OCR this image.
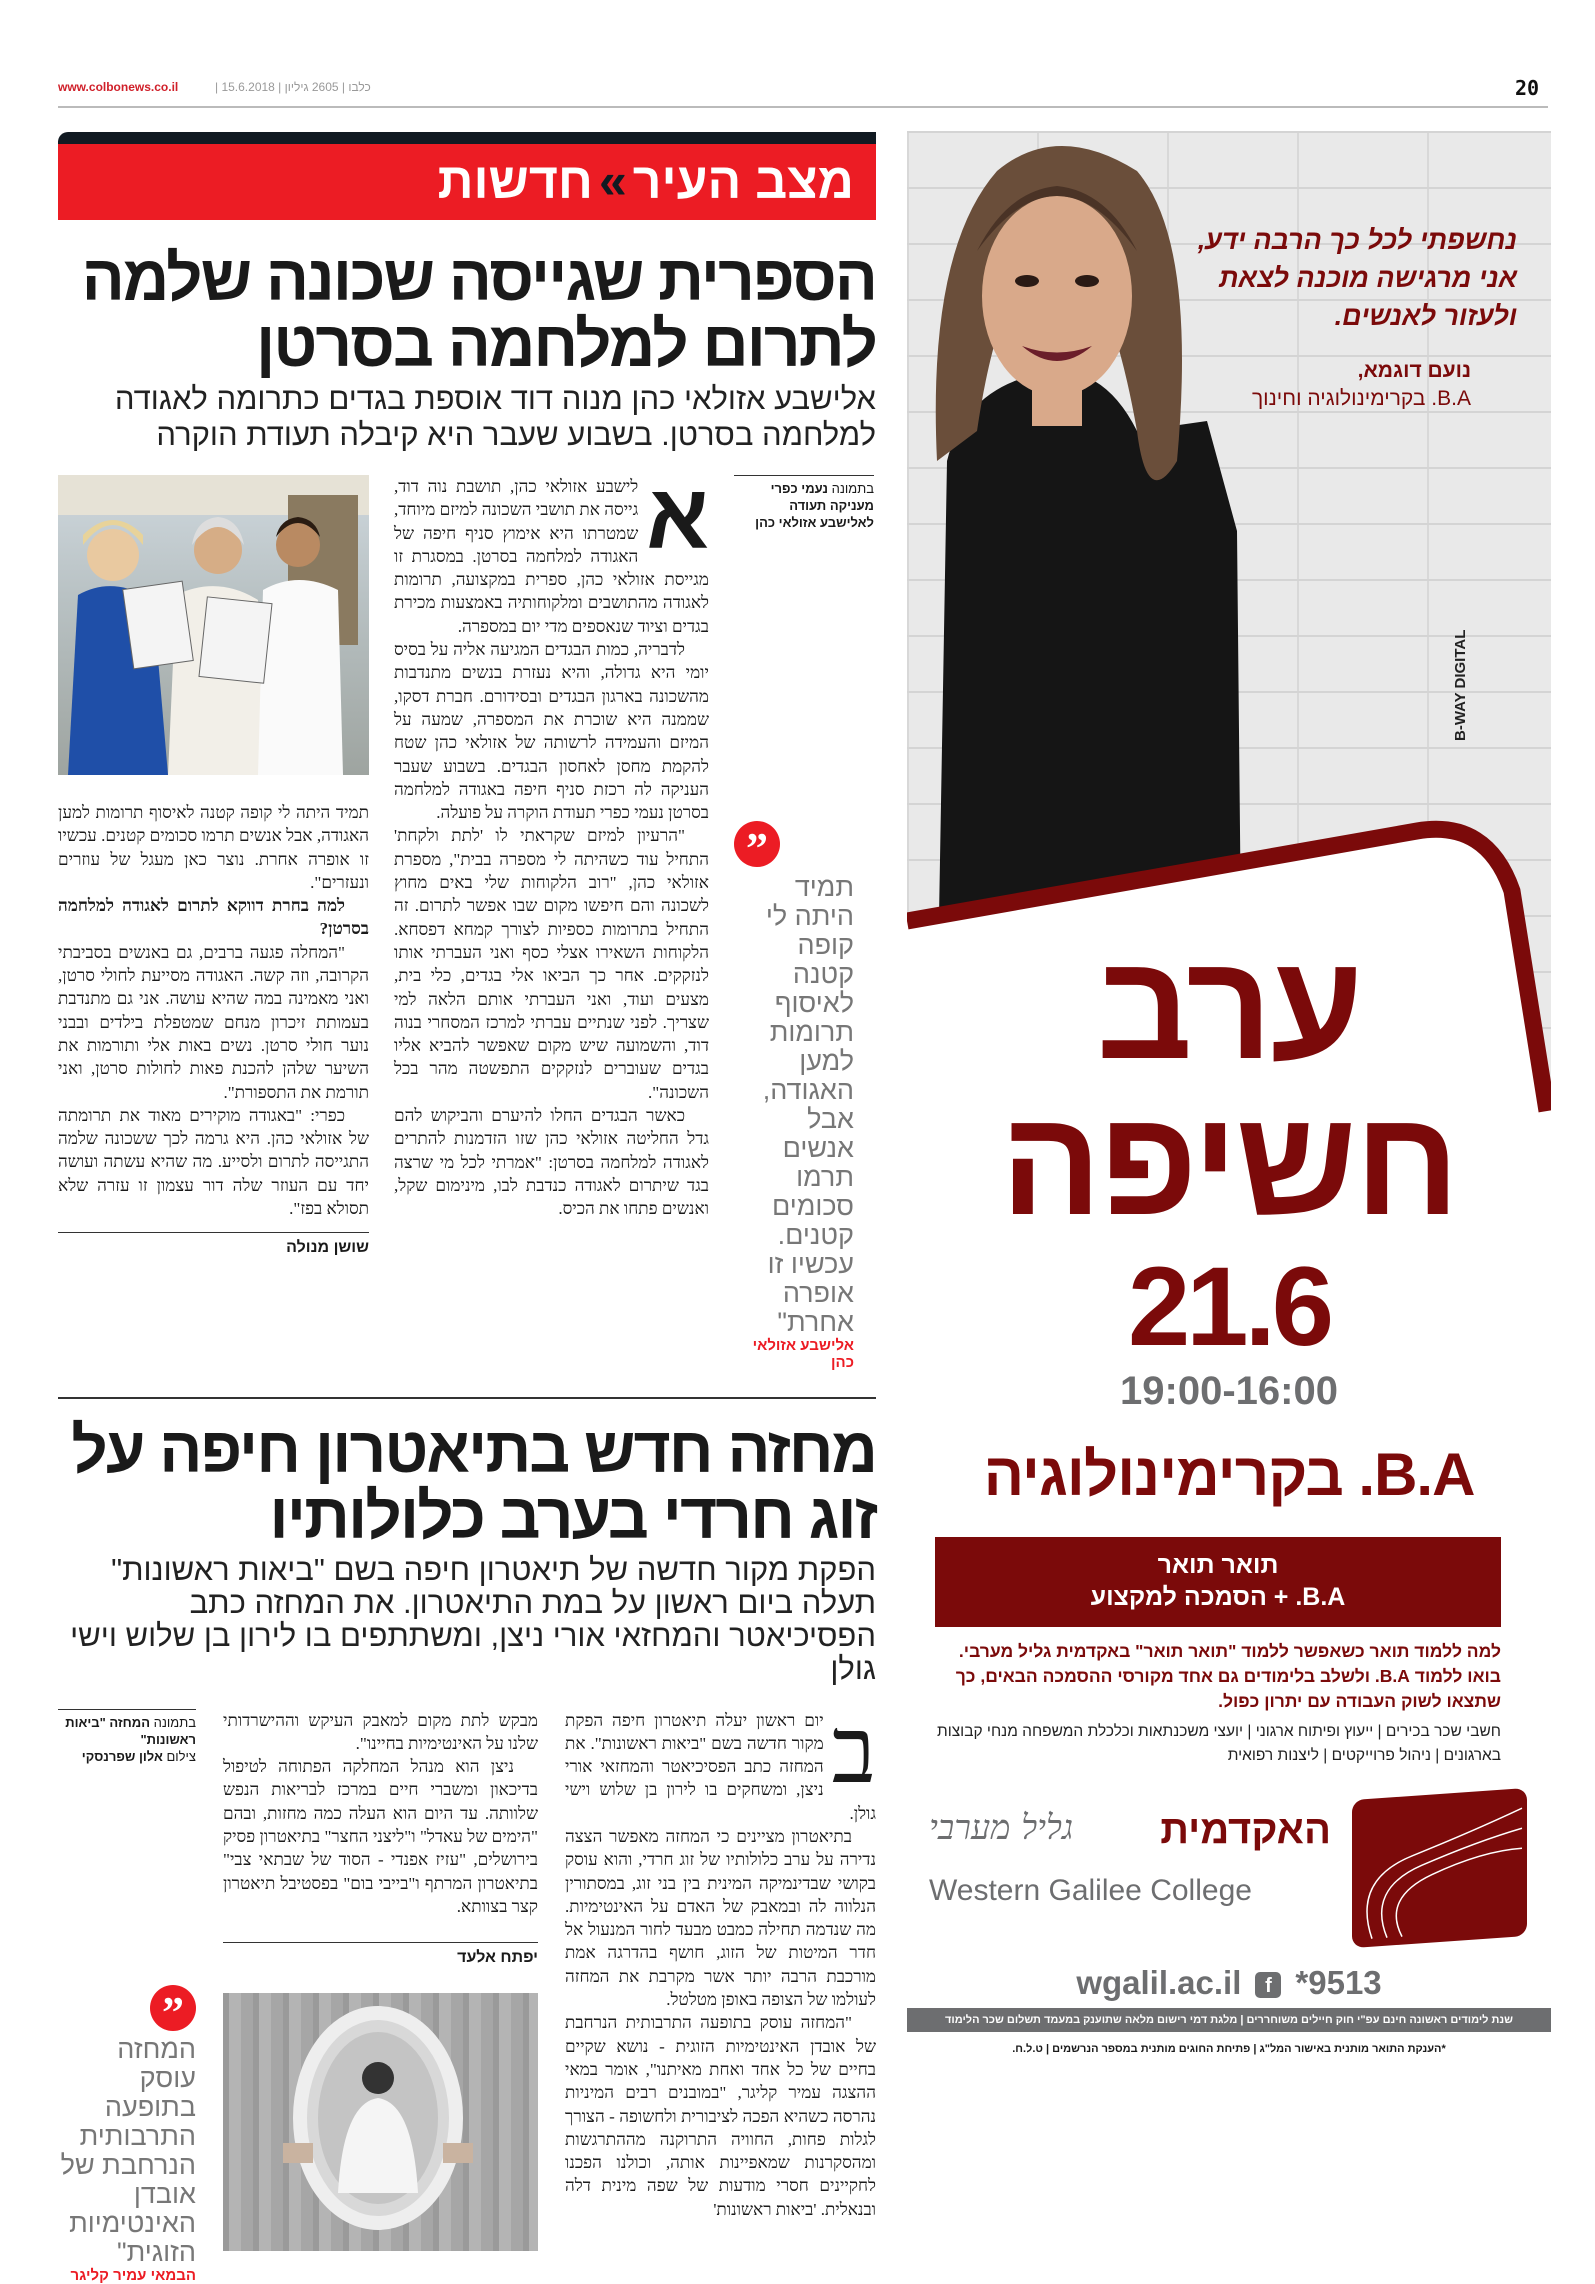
www.colbonews.co.il	| כלבו | 2605 גיליון | 15.6.2018	20
מצב העיר»חדשות
הספרית שגייסה שכונה שלמה לתרום למלחמה בסרטן
אלישבע אזולאי כהן מנוה דוד אוספת בגדים כתרומה לאגודה למלחמה בסרטן. בשבוע שעבר היא קיבלה תעודת הוקרה

תמיד היתה לי קופה קטנה לאיסוף תרומות למען האגודה, אבל אנשים תרמו סכומים קטנים. עכשיו זו אופרה אחרת. נוצר כאן מעגל של עוזרים ונעזרים".

למה בחרת דווקא לתרום לאגודה למלחמה בסרטן?

"המחלה פגעה ברבים, גם באנשים בסביבתי הקרובה, וזה קשה. האגודה מסייעת לחולי סרטן, ואני מאמינה במה שהיא עושה. אני גם מתנדבת בעמותת זיכרון מנחם שמטפלת בילדים ובבני נוער חולי סרטן. נשים באות אלי ותורמות את השיער שלהן להכנת פאות לחולות סרטן, ואני תורמת את התספורת".

כפרי: "באגודה מוקירים מאוד את תרומתה של אזולאי כהן. היא גרמה לכך ששכונה שלמה התגייסה לתרום ולסייע. מה שהיא עשתה ועושה יחד עם העוזר שלה דור עצמון זו עזרה שלא תסולא בפז".

שושן מנולה
א

לישבע אזולאי כהן, תושבת נוה דוד, גייסה את תושבי השכונה למיזם מיוחד, שמטרתו היא אימוץ סניף חיפה של האגודה למלחמה בסרטן. במסגרת זו מגייסת אזולאי כהן, ספרית במקצועה, תרומות לאגודה מהתושבים ומלקוחותיה באמצעות מכירת בגדים וציוד שנאספים מדי יום במספרה.

לדבריה, כמות הבגדים המגיעה אליה על בסיס יומי היא גדולה, והיא נעזרת בנשים מתנדבות מהשכונה בארגון הבגדים ובסידורם. חברת דסקו, שממנה היא שוכרת את המספרה, שמעה על המיזם והעמידה לרשותה של אזולאי כהן שטח להקמת מחסן לאחסון הבגדים. בשבוע שעבר העניקה לה רכזת סניף חיפה באגודה למלחמה בסרטן נעמי כפרי תעודת הוקרה על פועלה.

"הרעיון למיזם שקראתי לו 'לתת ולקחת' התחיל עוד כשהיתה לי מספרה בבית", מספרת אזולאי כהן, "רוב הלקוחות שלי באים מחוץ לשכונה והם חיפשו מקום שבו אפשר לתרום. זה התחיל בתרומות כספיות לצורך קמחא דפסחא. הלקוחות השאירו אצלי כסף ואני העברתי אותו לנזקקים. אחר כך הביאו אלי בגדים, כלי בית, מצעים ועוד, ואני העברתי אותם הלאה למי שצריך. לפני שנתיים עברתי למרכז המסחרי בנוה דוד, והשמועה שיש מקום שאפשר להביא אליו בגדים שעוברים לנזקקים התפשטה מהר בכל השכונה".

כאשר הבגדים החלו להיערם והביקוש להם גדל החליטה אזולאי כהן שזו הזדמנות להתרים לאגודה למלחמה בסרטן: "אמרתי לכל מי שרצה בגד שיתרום לאגודה כנדבת לבו, מינימום שקל, ואנשים פתחו את הכיס.

בתמונה נעמי כפרי מעניקה תעודה לאלישבע אזולאי כהן
”
תמיד היתה לי קופה קטנה לאיסוף תרומות למען האגודה, אבל אנשים תרמו סכומים קטנים. עכשיו זו אופרה אחרת"
אלישבע אזולאי כהן
מחזה חדש בתיאטרון חיפה על זוג חרדי בערב כלולותיו
הפקת מקור חדשה של תיאטרון חיפה בשם "ביאות ראשונות" תעלה ביום ראשון על במת התיאטרון. את המחזה כתב הפסיכיאטר והמחזאי אורי ניצן, ומשתתפים בו לירון בן שלוש וישי גולן
בתמונה המחזה "ביאות ראשונות"
צילום אלון שפרנסקי
”
המחזה עוסק בתופעה התרבותית הנרחבת של אובדן האינטימיות הזוגית"
הבמאי עמיר קליגר

מבקש לתת מקום למאבק העיקש וההישרדותי שלנו על האינטימיות בחיינו".

ניצן הוא מנהל המחלקה הפתוחה לטיפול בדיכאון ומשברי חיים במרכז לבריאות הנפש שלוותה. עד היום הוא העלה כמה מחזות, ובהם "הימים של עאדל" ו"ליצני החצר" בתיאטרון פסיק בירושלים, "עזיז אפנדי - הסוד של שבתאי צבי" בתיאטרון המרתף ו"בייבי בום" בפסטיבל תיאטרון קצר בצוותא.

יפתח אלעד
ב

יום ראשון יעלה תיאטרון חיפה הפקת מקור חדשה בשם "ביאות ראשונות". את המחזה כתב הפסיכיאטר והמחזאי אורי ניצן, ומשחקים בו לירון בן שלוש וישי גולן.

בתיאטרון מציינים כי המחזה מאפשר הצצה נדירה על ערב כלולותיו של זוג חרדי, והוא עוסק בקושי שבדינמיקה המינית בין בני זוג, במסתורין הנלווה לה ובמאבק של האדם על האינטימיות. מה שנדמה תחילה כמבט מבעד לחור המנעול אל חדר המיטות של הזוג, חושף בהדרגה אמת מורכבת הרבה יותר אשר מקרבת את המחזה לעולמו של הצופה באופן מטלטל.

"המחזה עוסק בתופעה התרבותית הנרחבת של אובדן האינטימיות הזוגית - נושא שקיים בחיים של כל אחד ואחת מאיתנו", אומר במאי ההצגה עמיר קליגר, "במובנים רבים המיניות נהרסה כשהיא הפכה לציבורית ולחשופה - הצורך לגלות פחות, החוויה התרוקנה מההתרגשות ומהסקרנות שמאפיינות אותה, וכולנו הפכנו לחקיינים חסרי מודעות של שפה מינית דלה ובנאלית. 'ביאות ראשונות'

נחשפתי לכל כך הרבה ידע, אני מרגישה מוכנה לצאת ולעזור לאנשים.
נועם דוגמא,
B.A. בקרימינולוגיה וחינוך
B-WAY DIGITAL
ערב
חשיפה
21.6
19:00-16:00
B.A. בקרימינולוגיה
תואר תואר
B.A. + הסמכה למקצוע
למה ללמוד תואר כשאפשר ללמוד "תואר תואר" באקדמית גליל מערבי. בואו ללמוד B.A. ולשלב בלימודים גם אחד מקורסי ההסמכה הבאים, כך שתצאו לשוק העבודה עם יתרון כפול.
חשבי שכר בכירים | ייעוץ ופיתוח ארגוני | יועצי משכנתאות וכלכלת המשפחה מנחי קבוצות בארגונים | ניהול פרוייקטים | ליצנות רפואית
האקדמית
גליל מערבי
Western Galilee College
wgalil.ac.il f *9513
שנת לימודים ראשונה חינם עפ"י חוק חיילים משוחררים | מלגת דמי רישום מלאה שתוענק במעמד תשלום שכר הלימוד
*הענקת התואר מותנית באישור המל"ג | פתיחת החוגים מותנית במספר הנרשמים | ט.ל.ח.
